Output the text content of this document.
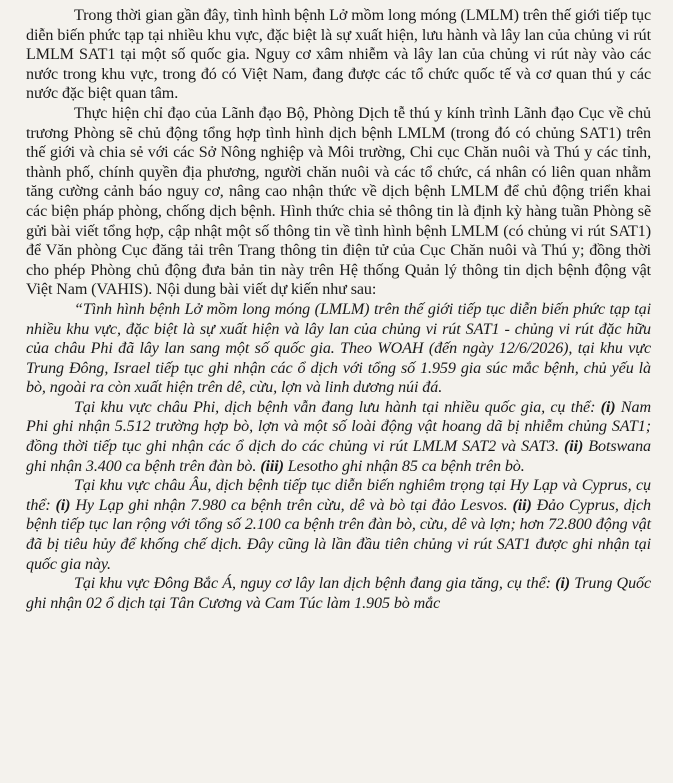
Trong thời gian gần đây, tình hình bệnh Lở mồm long móng (LMLM) trên thế giới tiếp tục diễn biến phức tạp tại nhiều khu vực, đặc biệt là sự xuất hiện, lưu hành và lây lan của chủng vi rút LMLM SAT1 tại một số quốc gia. Nguy cơ xâm nhiễm và lây lan của chủng vi rút này vào các nước trong khu vực, trong đó có Việt Nam, đang được các tổ chức quốc tế và cơ quan thú y các nước đặc biệt quan tâm.

Thực hiện chỉ đạo của Lãnh đạo Bộ, Phòng Dịch tễ thú y kính trình Lãnh đạo Cục về chủ trương Phòng sẽ chủ động tổng hợp tình hình dịch bệnh LMLM (trong đó có chủng SAT1) trên thế giới và chia sẻ với các Sở Nông nghiệp và Môi trường, Chi cục Chăn nuôi và Thú y các tỉnh, thành phố, chính quyền địa phương, người chăn nuôi và các tổ chức, cá nhân có liên quan nhằm tăng cường cảnh báo nguy cơ, nâng cao nhận thức về dịch bệnh LMLM để chủ động triển khai các biện pháp phòng, chống dịch bệnh. Hình thức chia sẻ thông tin là định kỳ hàng tuần Phòng sẽ gửi bài viết tổng hợp, cập nhật một số thông tin về tình hình bệnh LMLM (có chủng vi rút SAT1) để Văn phòng Cục đăng tải trên Trang thông tin điện tử của Cục Chăn nuôi và Thú y; đồng thời cho phép Phòng chủ động đưa bản tin này trên Hệ thống Quản lý thông tin dịch bệnh động vật Việt Nam (VAHIS). Nội dung bài viết dự kiến như sau:

“Tình hình bệnh Lở mồm long móng (LMLM) trên thế giới tiếp tục diễn biến phức tạp tại nhiều khu vực, đặc biệt là sự xuất hiện và lây lan của chủng vi rút SAT1 - chủng vi rút đặc hữu của châu Phi đã lây lan sang một số quốc gia. Theo WOAH (đến ngày 12/6/2026), tại khu vực Trung Đông, Israel tiếp tục ghi nhận các ổ dịch với tổng số 1.959 gia súc mắc bệnh, chủ yếu là bò, ngoài ra còn xuất hiện trên dê, cừu, lợn và linh dương núi đá.

Tại khu vực châu Phi, dịch bệnh vẫn đang lưu hành tại nhiều quốc gia, cụ thể: (i) Nam Phi ghi nhận 5.512 trường hợp bò, lợn và một số loài động vật hoang dã bị nhiễm chủng SAT1; đồng thời tiếp tục ghi nhận các ổ dịch do các chủng vi rút LMLM SAT2 và SAT3. (ii) Botswana ghi nhận 3.400 ca bệnh trên đàn bò. (iii) Lesotho ghi nhận 85 ca bệnh trên bò.

Tại khu vực châu Âu, dịch bệnh tiếp tục diễn biến nghiêm trọng tại Hy Lạp và Cyprus, cụ thể: (i) Hy Lạp ghi nhận 7.980 ca bệnh trên cừu, dê và bò tại đảo Lesvos. (ii) Đảo Cyprus, dịch bệnh tiếp tục lan rộng với tổng số 2.100 ca bệnh trên đàn bò, cừu, dê và lợn; hơn 72.800 động vật đã bị tiêu hủy để khống chế dịch. Đây cũng là lần đầu tiên chủng vi rút SAT1 được ghi nhận tại quốc gia này.

Tại khu vực Đông Bắc Á, nguy cơ lây lan dịch bệnh đang gia tăng, cụ thể: (i) Trung Quốc ghi nhận 02 ổ dịch tại Tân Cương và Cam Túc làm 1.905 bò mắc
